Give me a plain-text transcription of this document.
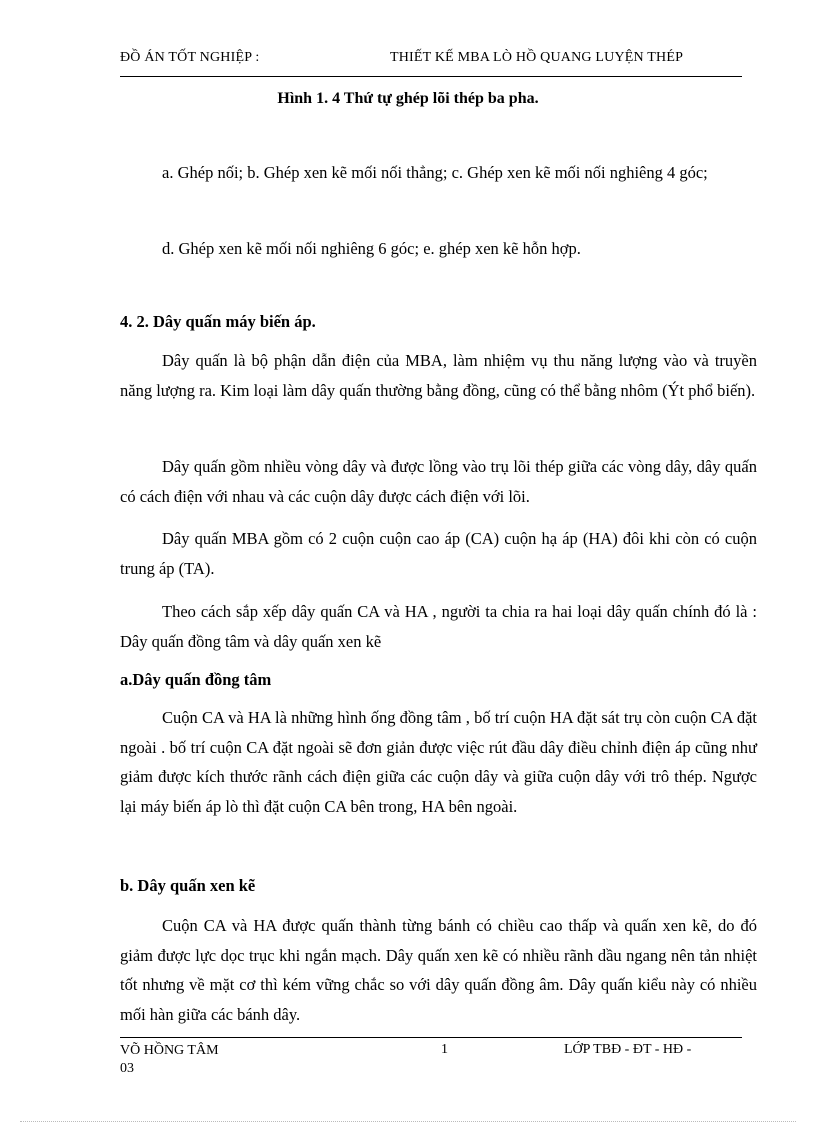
ĐỒ ÁN TỐT NGHIỆP :	THIẾT KẾ MBA LÒ HỒ QUANG LUYỆN THÉP
Hình 1. 4 Thứ tự ghép lõi thép ba pha.
a. Ghép nối; b. Ghép xen kẽ mối nối thẳng; c. Ghép xen kẽ mối nối nghiêng 4 góc;
d. Ghép xen kẽ mối nối nghiêng 6 góc; e. ghép xen kẽ hỗn hợp.
4. 2. Dây quấn máy biến áp.
Dây quấn là bộ phận dẫn điện của MBA, làm nhiệm vụ thu năng lượng vào và truyền năng lượng ra. Kim loại làm dây quấn thường bằng đồng, cũng có thể bằng nhôm (Ýt phổ biến).
Dây quấn gồm nhiều vòng dây và được lồng vào trụ lõi thép giữa các vòng dây, dây quấn có cách điện với nhau và các cuộn dây được cách điện với lõi.
Dây quấn MBA gồm có 2 cuộn cuộn cao áp (CA) cuộn hạ áp (HA) đôi khi còn có cuộn trung áp (TA).
Theo cách sắp xếp dây quấn CA và HA , người ta chia ra hai loại dây quấn chính đó là : Dây quấn đồng tâm và dây quấn xen kẽ
a.Dây quấn đồng tâm
Cuộn CA và HA là những hình ống đồng tâm , bố trí cuộn HA đặt sát trụ còn cuộn CA đặt ngoài . bố trí cuộn CA đặt ngoài sẽ đơn giản được việc rút đầu dây điều chỉnh điện áp cũng như giảm được kích thước rãnh cách điện giữa các cuộn dây và giữa cuộn dây với trô thép. Ngược lại máy biến áp lò thì đặt cuộn CA bên trong, HA bên ngoài.
b. Dây quấn xen kẽ
Cuộn CA và HA được quấn thành từng bánh có chiều cao thấp và quấn xen kẽ, do đó giảm được lực dọc trục khi ngắn mạch. Dây quấn xen kẽ có nhiều rãnh dầu ngang nên tản nhiệt tốt nhưng về mặt cơ thì kém vững chắc so với dây quấn đồng âm. Dây quấn kiểu này có nhiều mối hàn giữa các bánh dây.
VÕ HỒNG TÂM
03
1	LỚP TBĐ - ĐT - HĐ -
